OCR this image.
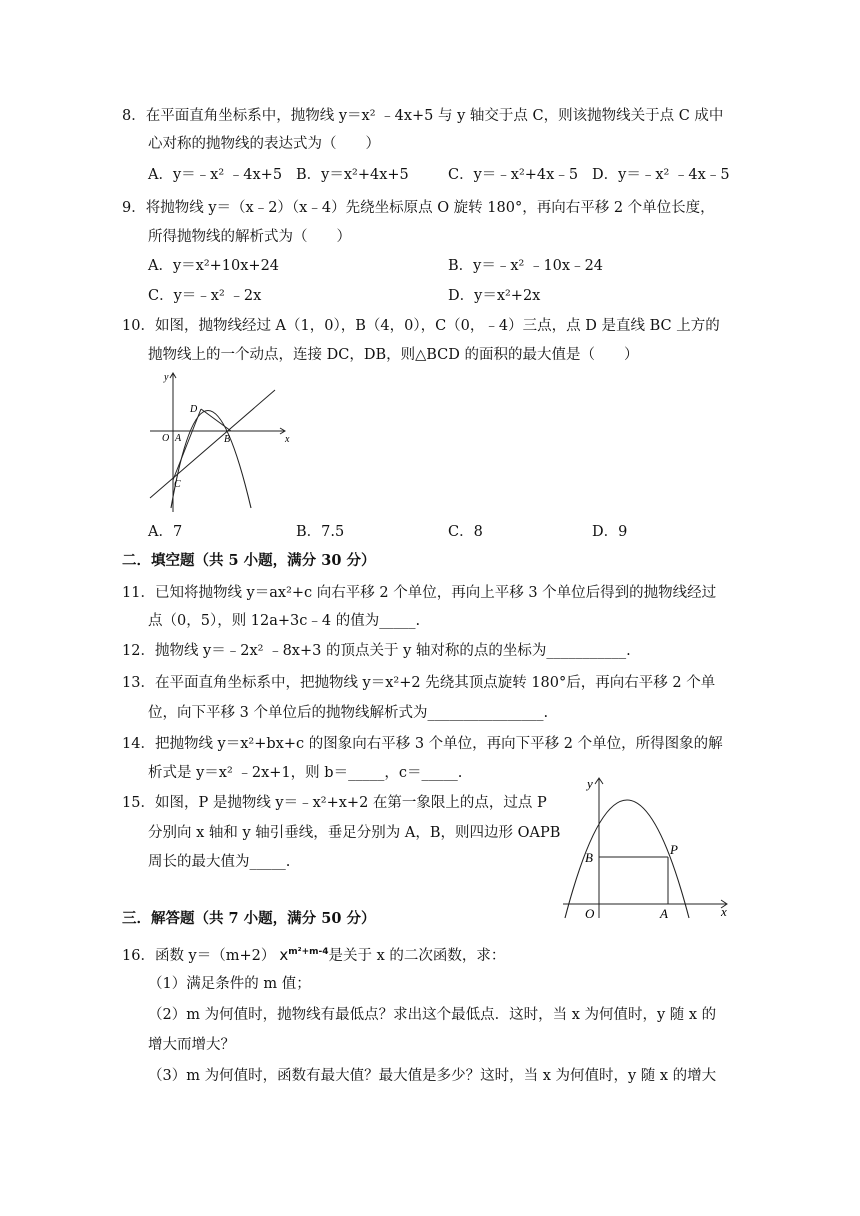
8．在平面直角坐标系中，抛物线 y＝x² ﹣4x+5 与 y 轴交于点 C，则该抛物线关于点 C 成中
心对称的抛物线的表达式为（　　）
A．y＝﹣x² ﹣4x+5 B．y＝x²+4x+5	C．y＝﹣x²+4x﹣5 D．y＝﹣x² ﹣4x﹣5
9．将抛物线 y＝（x﹣2）（x﹣4）先绕坐标原点 O 旋转 180°，再向右平移 2 个单位长度，
所得抛物线的解析式为（　　）
A．y＝x²+10x+24	B．y＝﹣x² ﹣10x﹣24
C．y＝﹣x² ﹣2x	D．y＝x²+2x
10．如图，抛物线经过 A（1，0），B（4，0），C（0，﹣4）三点，点 D 是直线 BC 上方的
抛物线上的一个动点，连接 DC，DB，则△BCD 的面积的最大值是（　　）
y
x
O A	B
C
D
A．7	B．7.5	C．8	D．9
二．填空题（共 5 小题，满分 30 分）
11．已知将抛物线 y＝ax²+c 向右平移 2 个单位，再向上平移 3 个单位后得到的抛物线经过
点（0，5），则 12a+3c﹣4 的值为_____.
12．抛物线 y＝﹣2x² ﹣8x+3 的顶点关于 y 轴对称的点的坐标为___________.
13．在平面直角坐标系中，把抛物线 y＝x²+2 先绕其顶点旋转 180°后，再向右平移 2 个单
位，向下平移 3 个单位后的抛物线解析式为________________.
14．把抛物线 y＝x²+bx+c 的图象向右平移 3 个单位，再向下平移 2 个单位，所得图象的解
析式是 y＝x² ﹣2x+1，则 b＝_____，c＝_____.
15．如图，P 是抛物线 y＝﹣x²+x+2 在第一象限上的点，过点 P
分别向 x 轴和 y 轴引垂线，垂足分别为 A，B，则四边形 OAPB
周长的最大值为_____.
y
x
O	A
B
P
三．解答题（共 7 小题，满分 50 分）
16．函数 y＝（m+2） $x^{m^2+m-4}$是关于 x 的二次函数，求：
（1）满足条件的 m 值；
（2）m 为何值时，抛物线有最低点？求出这个最低点．这时，当 x 为何值时，y 随 x 的
增大而增大？
（3）m 为何值时，函数有最大值？最大值是多少？这时，当 x 为何值时，y 随 x 的增大
